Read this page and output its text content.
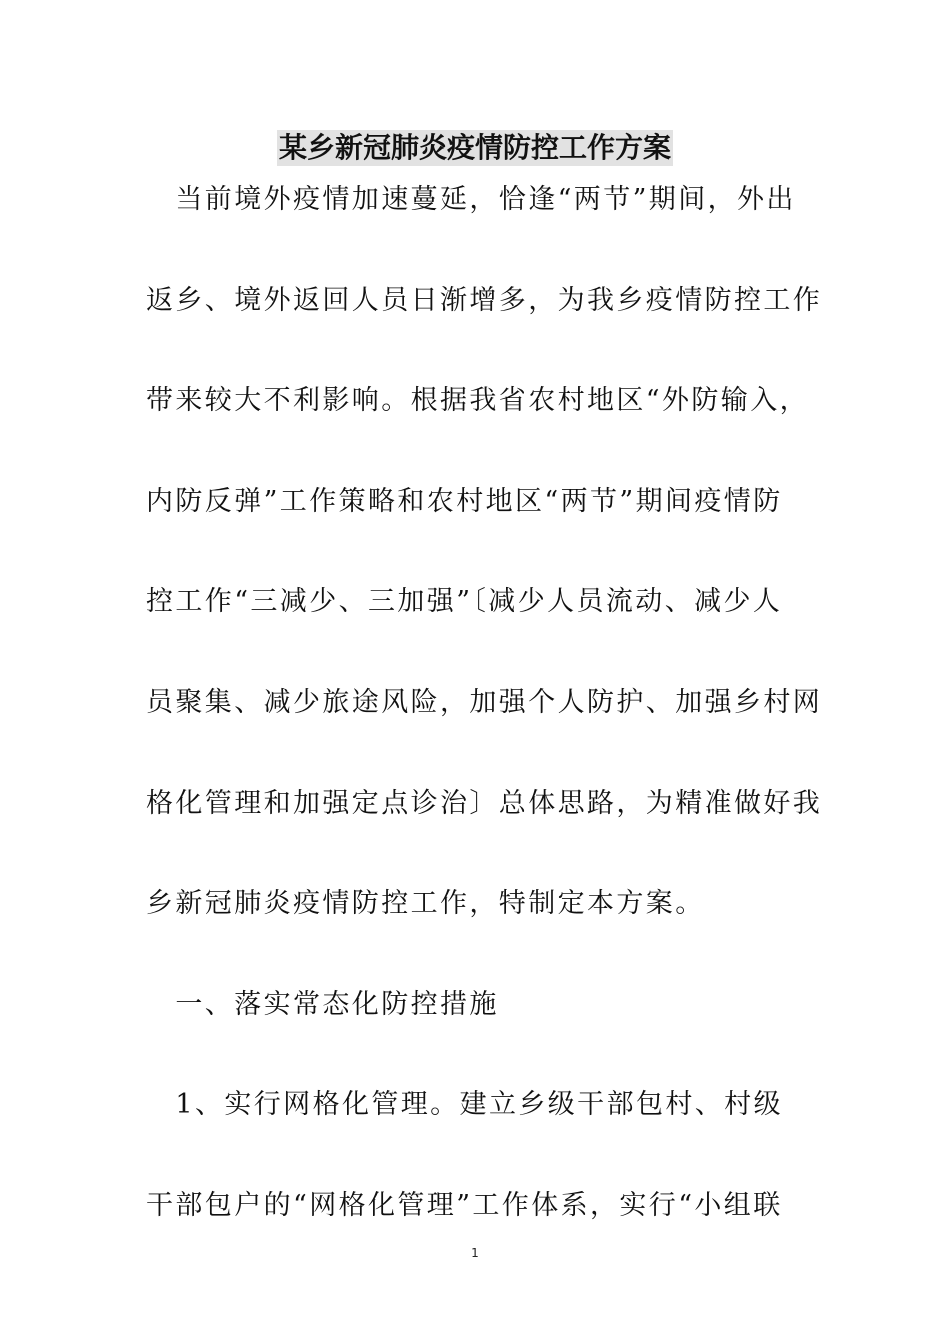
某乡新冠肺炎疫情防控工作方案
　当前境外疫情加速蔓延，恰逢“两节”期间，外出
返乡、境外返回人员日渐增多，为我乡疫情防控工作
带来较大不利影响。根据我省农村地区“外防输入，
内防反弹”工作策略和农村地区“两节”期间疫情防
控工作“三减少、三加强”〔减少人员流动、减少人
员聚集、减少旅途风险，加强个人防护、加强乡村网
格化管理和加强定点诊治〕总体思路，为精准做好我
乡新冠肺炎疫情防控工作，特制定本方案。
　一、落实常态化防控措施
　1、实行网格化管理。建立乡级干部包村、村级
干部包户的“网格化管理”工作体系，实行“小组联
1
